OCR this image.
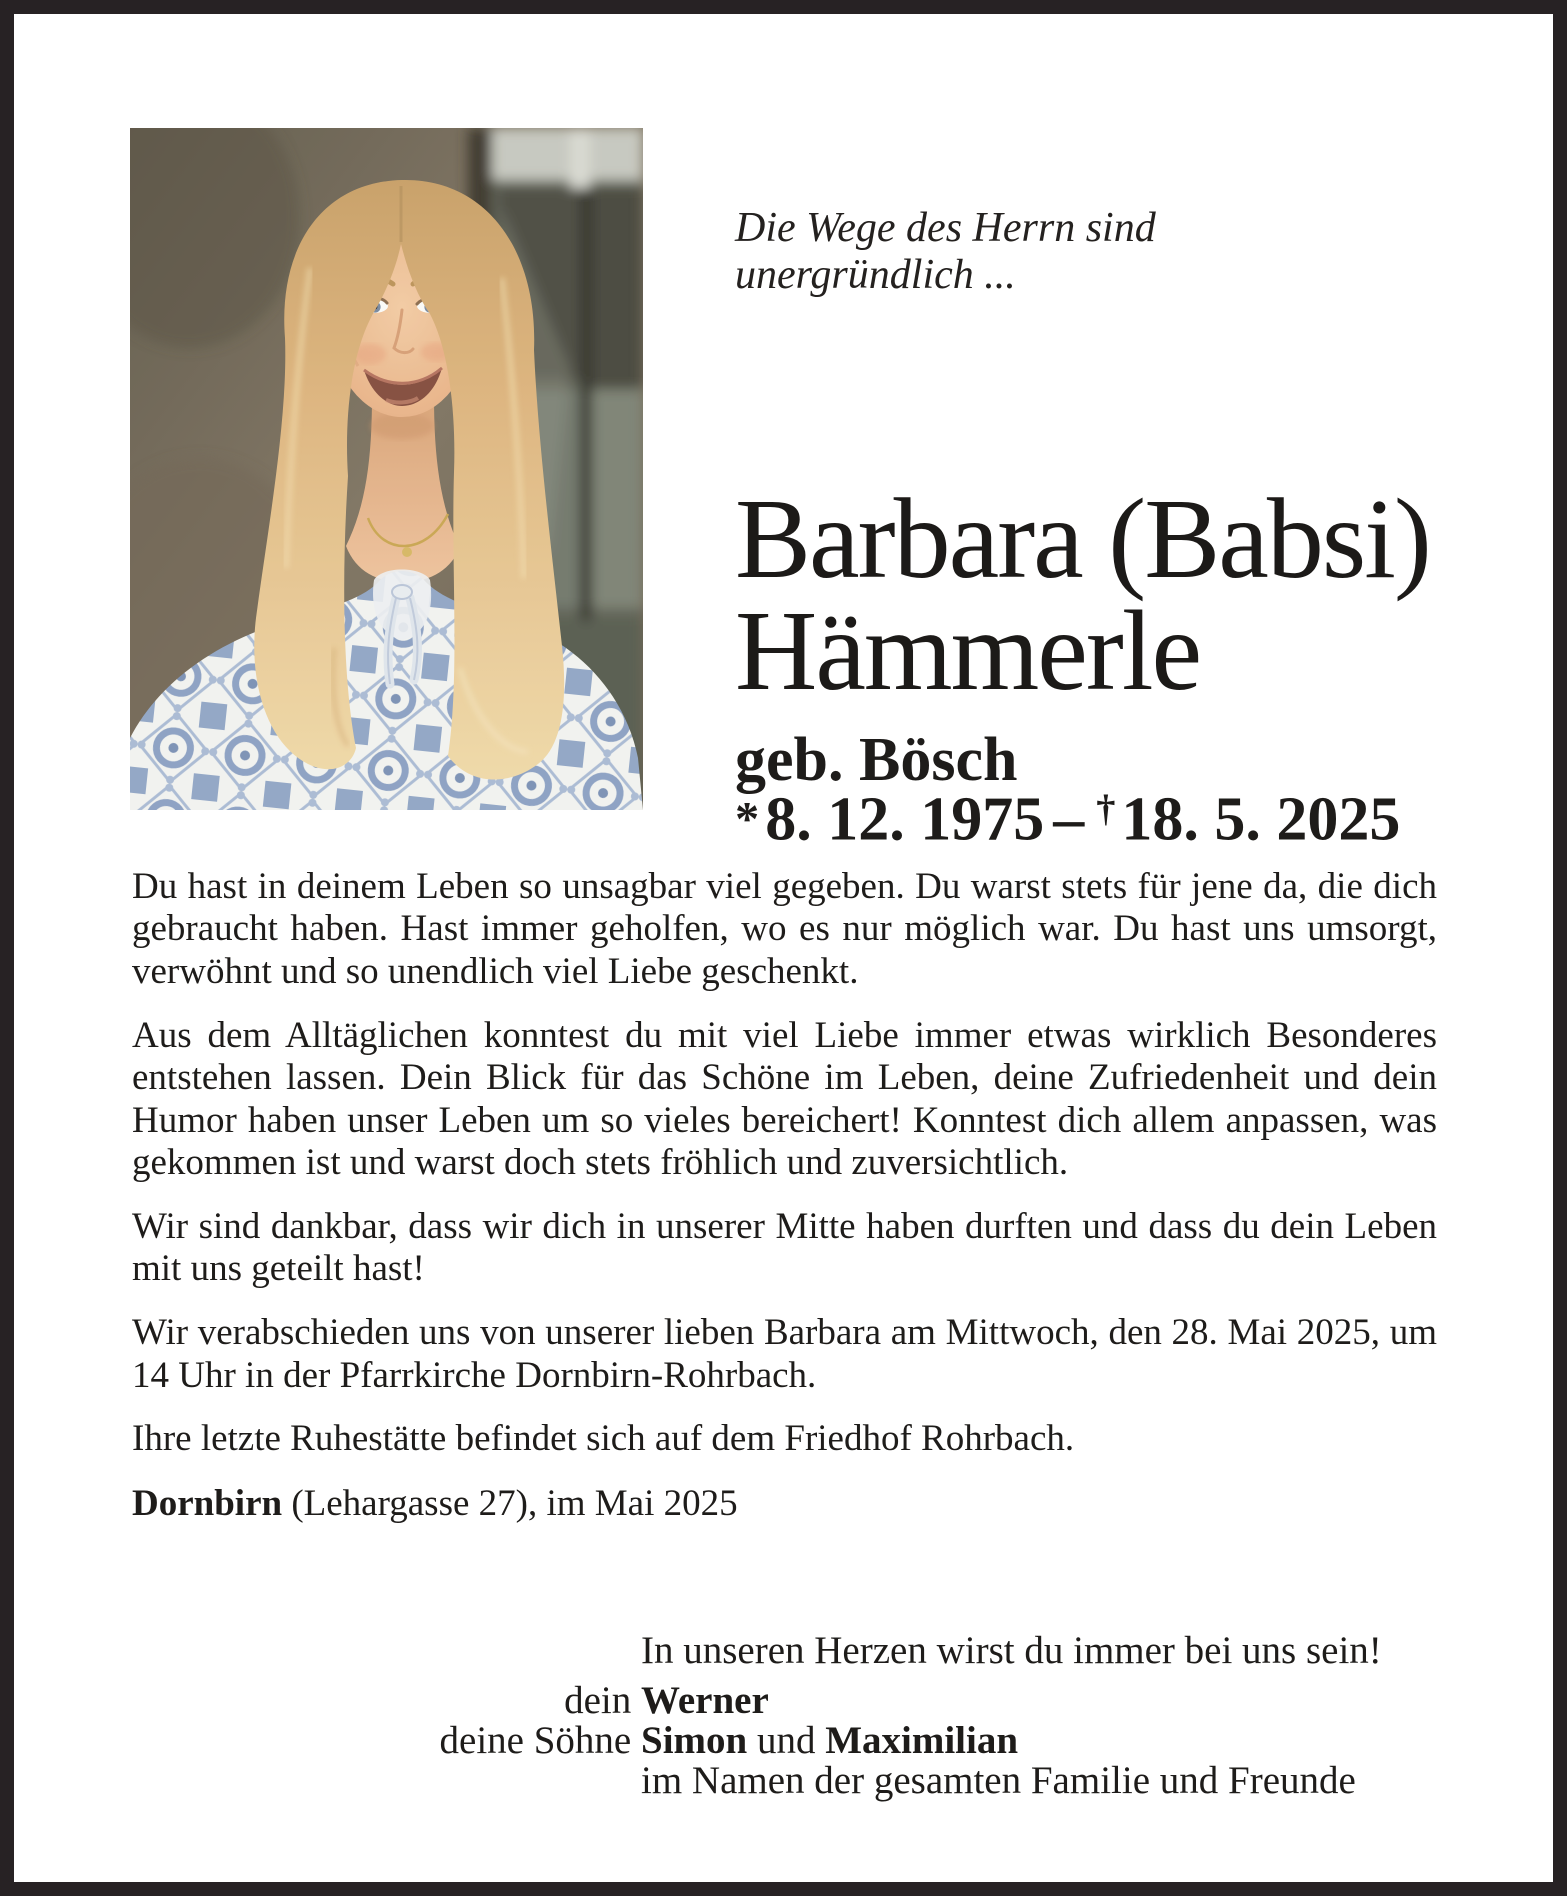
Die Wege des Herrn sind
unergründlich ...
Barbara (Babsi)
Hämmerle
geb. Bösch
*8. 12. 1975 – †18. 5. 2025

Du hast in deinem Leben so unsagbar viel gegeben. Du warst stets für jene da, die dich gebraucht haben. Hast immer geholfen, wo es nur möglich war. Du hast uns umsorgt, verwöhnt und so unendlich viel Liebe geschenkt.

Aus dem Alltäglichen konntest du mit viel Liebe immer etwas wirklich Besonderes entstehen lassen. Dein Blick für das Schöne im Leben, deine Zufriedenheit und dein Humor haben unser Leben um so vieles bereichert! Konntest dich allem anpassen, was gekommen ist und warst doch stets fröhlich und zuversichtlich.

Wir sind dankbar, dass wir dich in unserer Mitte haben durften und dass du dein Leben mit uns geteilt hast!

Wir verabschieden uns von unserer lieben Barbara am Mittwoch, den 28. Mai 2025, um 14 Uhr in der Pfarrkirche Dornbirn-Rohrbach.

Ihre letzte Ruhestätte befindet sich auf dem Friedhof Rohrbach.

Dornbirn (Lehargasse 27), im Mai 2025

In unseren Herzen wirst du immer bei uns sein!
dein Werner
deine Söhne Simon und Maximilian
im Namen der gesamten Familie und Freunde
